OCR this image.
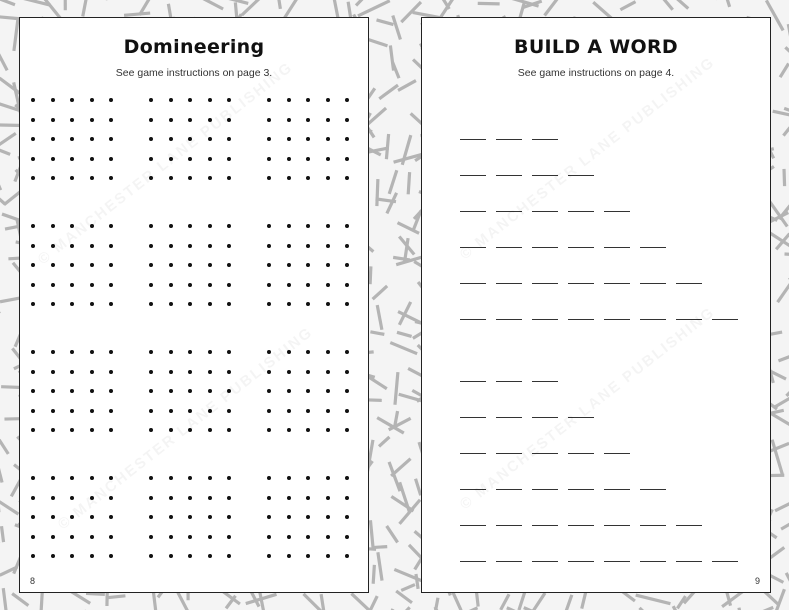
Domineering
See game instructions on page 3.
8
BUILD A WORD
See game instructions on page 4.
9
